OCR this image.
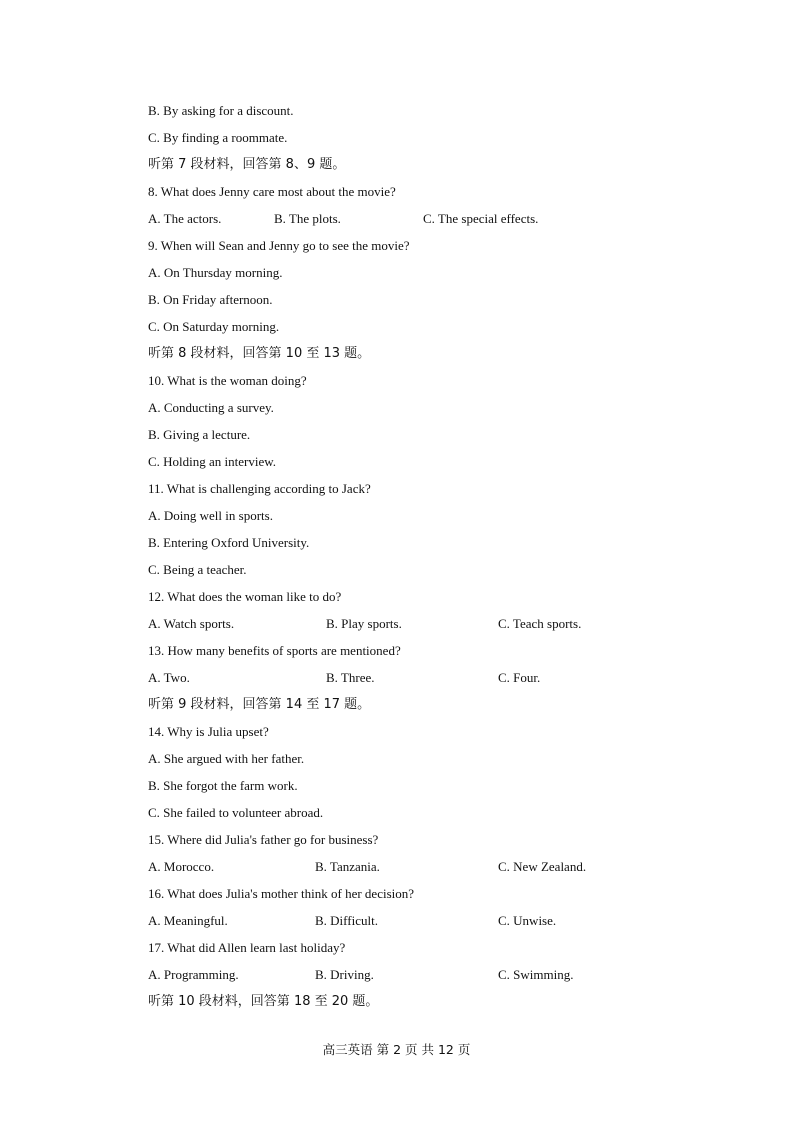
B. By asking for a discount.
C. By finding a roommate.
听第 7 段材料，回答第 8、9 题。
8. What does Jenny care most about the movie?
A. The actors.	B. The plots.	C. The special effects.
9. When will Sean and Jenny go to see the movie?
A. On Thursday morning.
B. On Friday afternoon.
C. On Saturday morning.
听第 8 段材料，回答第 10 至 13 题。
10. What is the woman doing?
A. Conducting a survey.
B. Giving a lecture.
C. Holding an interview.
11. What is challenging according to Jack?
A. Doing well in sports.
B. Entering Oxford University.
C. Being a teacher.
12. What does the woman like to do?
A. Watch sports.	B. Play sports.	C. Teach sports.
13. How many benefits of sports are mentioned?
A. Two.	B. Three.	C. Four.
听第 9 段材料，回答第 14 至 17 题。
14. Why is Julia upset?
A. She argued with her father.
B. She forgot the farm work.
C. She failed to volunteer abroad.
15. Where did Julia's father go for business?
A. Morocco.	B. Tanzania.	C. New Zealand.
16. What does Julia's mother think of her decision?
A. Meaningful.	B. Difficult.	C. Unwise.
17. What did Allen learn last holiday?
A. Programming.	B. Driving.	C. Swimming.
听第 10 段材料，回答第 18 至 20 题。
高三英语 第 2 页 共 12 页
